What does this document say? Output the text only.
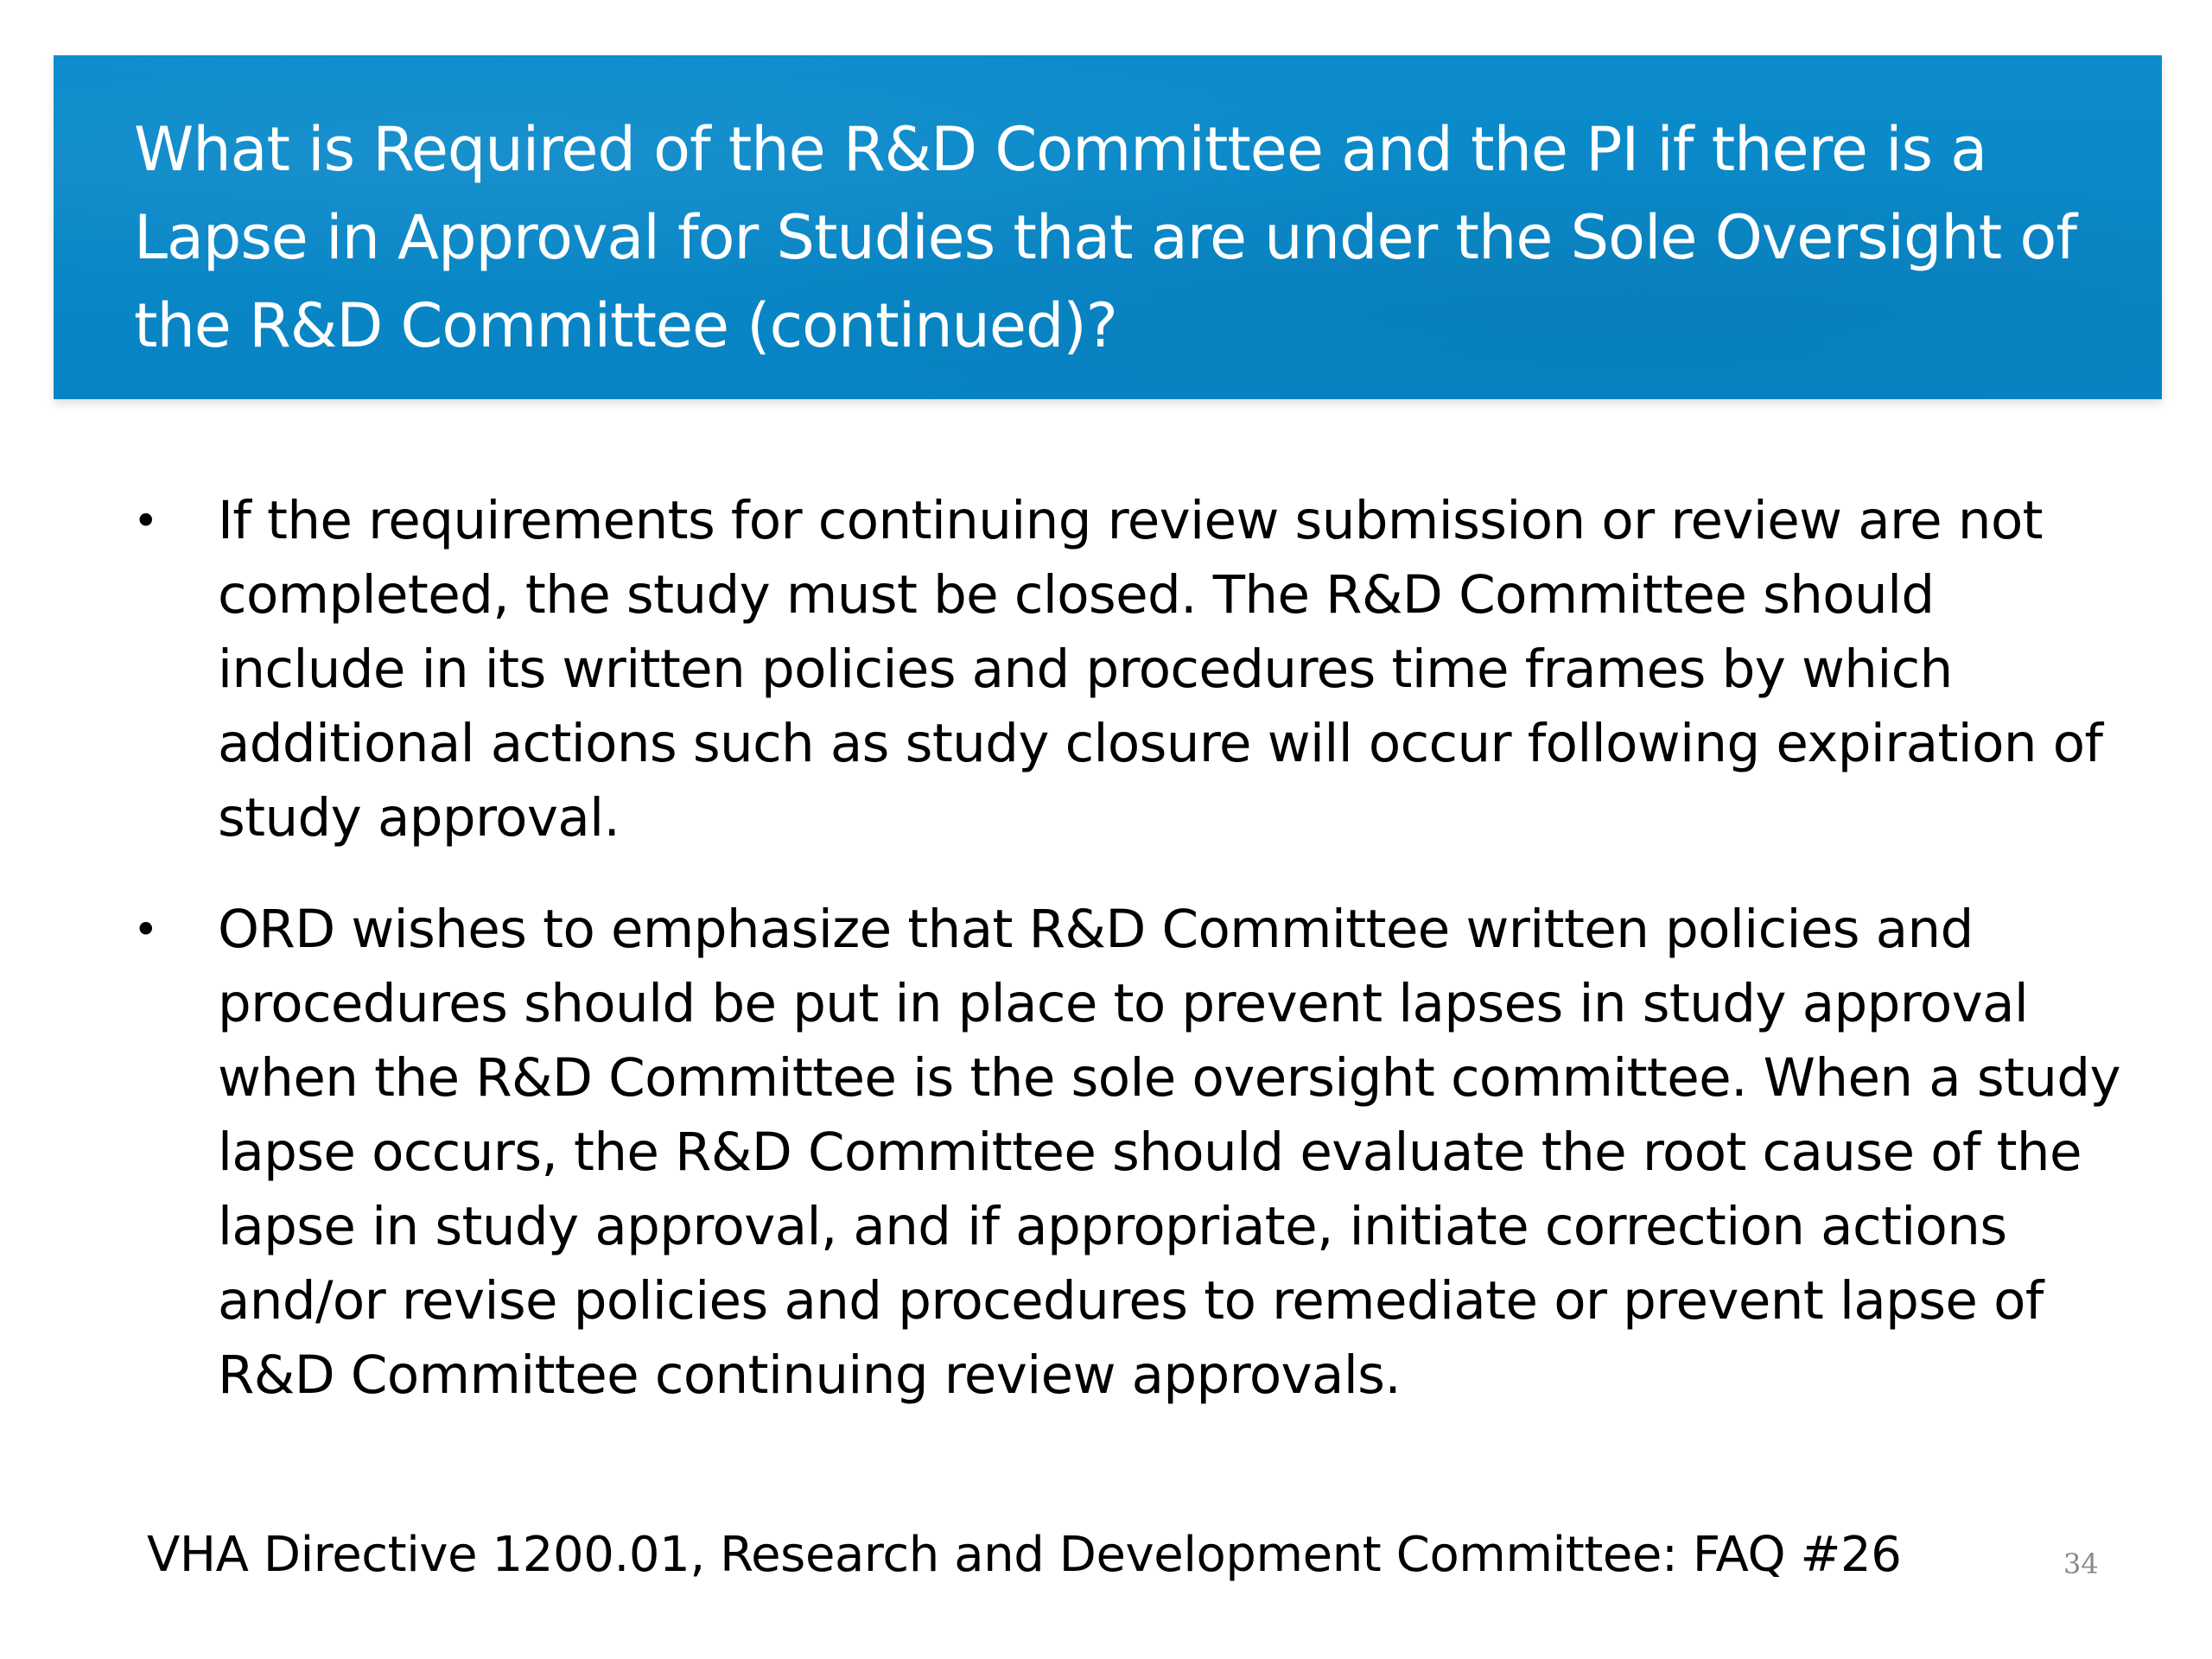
What is Required of the R&D Committee and the PI if there is a Lapse in Approval for Studies that are under the Sole Oversight of the R&D Committee (continued)?
• If the requirements for continuing review submission or review are not completed, the study must be closed. The R&D Committee should include in its written policies and procedures time frames by which additional actions such as study closure will occur following expiration of study approval.
• ORD wishes to emphasize that R&D Committee written policies and procedures should be put in place to prevent lapses in study approval when the R&D Committee is the sole oversight committee. When a study lapse occurs, the R&D Committee should evaluate the root cause of the lapse in study approval, and if appropriate, initiate correction actions and/or revise policies and procedures to remediate or prevent lapse of R&D Committee continuing review approvals.
VHA Directive 1200.01, Research and Development Committee: FAQ #26	34
